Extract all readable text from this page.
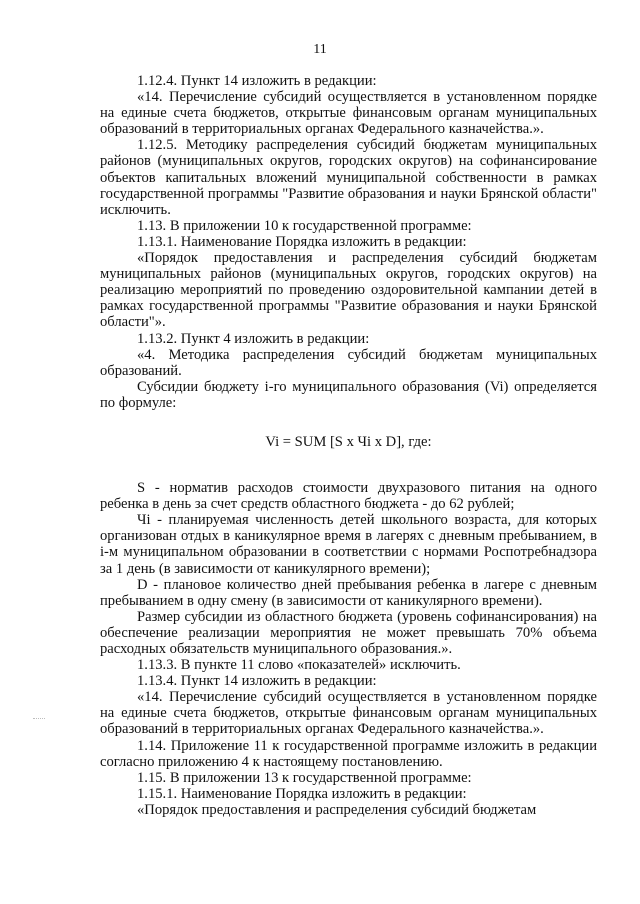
11

1.12.4. Пункт 14 изложить в редакции:

«14. Перечисление субсидий осуществляется в установленном порядке на единые счета бюджетов, открытые финансовым органам муниципальных образований в территориальных органах Федерального казначейства.».

1.12.5. Методику распределения субсидий бюджетам муниципальных районов (муниципальных округов, городских округов) на софинансирование объектов капитальных вложений муниципальной собственности в рамках государственной программы "Развитие образования и науки Брянской области" исключить.

1.13. В приложении 10 к государственной программе:

1.13.1. Наименование Порядка изложить в редакции:

«Порядок предоставления и распределения субсидий бюджетам муниципальных районов (муниципальных округов, городских округов) на реализацию мероприятий по проведению оздоровительной кампании детей в рамках государственной программы "Развитие образования и науки Брянской области"».

1.13.2. Пункт 4 изложить в редакции:

«4. Методика распределения субсидий бюджетам муниципальных образований.

Субсидии бюджету i-го муниципального образования (Vi) определяется по формуле:

Vi = SUM [S х Чi х D], где:

S - норматив расходов стоимости двухразового питания на одного ребенка в день за счет средств областного бюджета - до 62 рублей;

Чi - планируемая численность детей школьного возраста, для которых организован отдых в каникулярное время в лагерях с дневным пребыванием, в i-м муниципальном образовании в соответствии с нормами Роспотребнадзора за 1 день (в зависимости от каникулярного времени);

D - плановое количество дней пребывания ребенка в лагере с дневным пребыванием в одну смену (в зависимости от каникулярного времени).

Размер субсидии из областного бюджета (уровень софинансирования) на обеспечение реализации мероприятия не может превышать 70% объема расходных обязательств муниципального образования.».

1.13.3. В пункте 11 слово «показателей» исключить.

1.13.4. Пункт 14 изложить в редакции:

«14. Перечисление субсидий осуществляется в установленном порядке на единые счета бюджетов, открытые финансовым органам муниципальных образований в территориальных органах Федерального казначейства.».

1.14. Приложение 11 к государственной программе изложить в редакции согласно приложению 4 к настоящему постановлению.

1.15. В приложении 13 к государственной программе:

1.15.1. Наименование Порядка изложить в редакции:

«Порядок предоставления и распределения субсидий бюджетам
